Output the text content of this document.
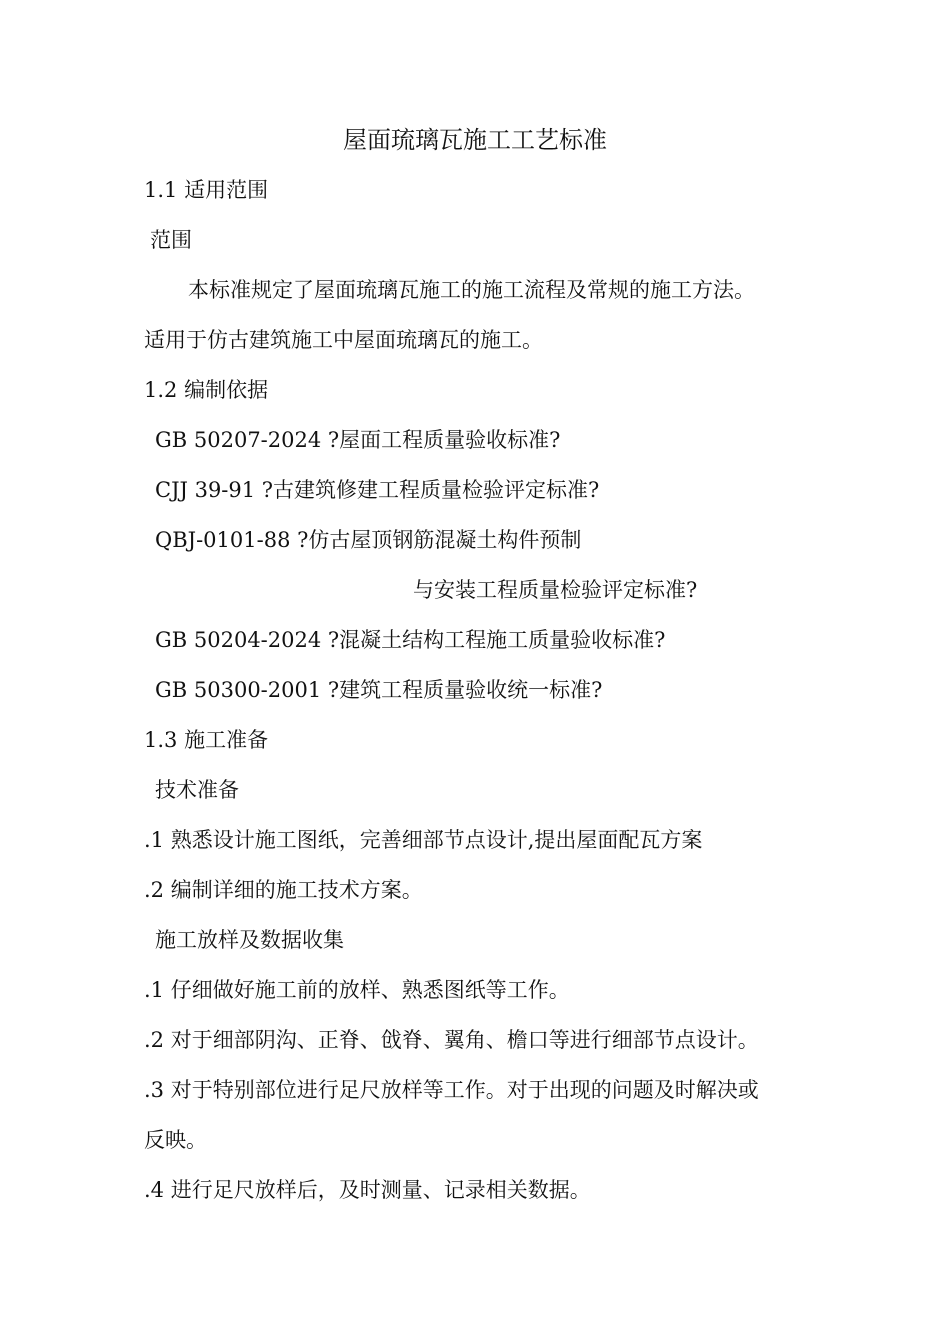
屋面琉璃瓦施工工艺标准
1.1 适用范围
范围
本标准规定了屋面琉璃瓦施工的施工流程及常规的施工方法。
适用于仿古建筑施工中屋面琉璃瓦的施工。
1.2 编制依据
GB 50207-2024 ?屋面工程质量验收标准?
CJJ 39-91 ?古建筑修建工程质量检验评定标准?
QBJ-0101-88 ?仿古屋顶钢筋混凝土构件预制
与安装工程质量检验评定标准?
GB 50204-2024 ?混凝土结构工程施工质量验收标准?
GB 50300-2001 ?建筑工程质量验收统一标准?
1.3 施工准备
技术准备
.1 熟悉设计施工图纸，完善细部节点设计,提出屋面配瓦方案
.2 编制详细的施工技术方案。
施工放样及数据收集
.1 仔细做好施工前的放样、熟悉图纸等工作。
.2 对于细部阴沟、正脊、戗脊、翼角、檐口等进行细部节点设计。
.3 对于特别部位进行足尺放样等工作。对于出现的问题及时解决或
反映。
.4 进行足尺放样后，及时测量、记录相关数据。
